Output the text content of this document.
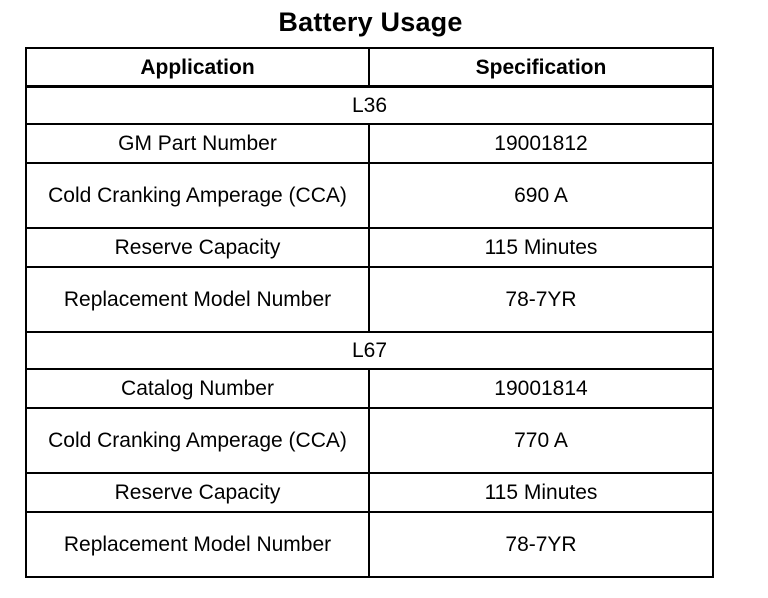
Battery Usage
Application	Specification
L36	
GM Part Number	19001812
Cold Cranking Amperage (CCA)	690 A
Reserve Capacity	115 Minutes
Replacement Model Number	78-7YR
L67	
Catalog Number	19001814
Cold Cranking Amperage (CCA)	770 A
Reserve Capacity	115 Minutes
Replacement Model Number	78-7YR
